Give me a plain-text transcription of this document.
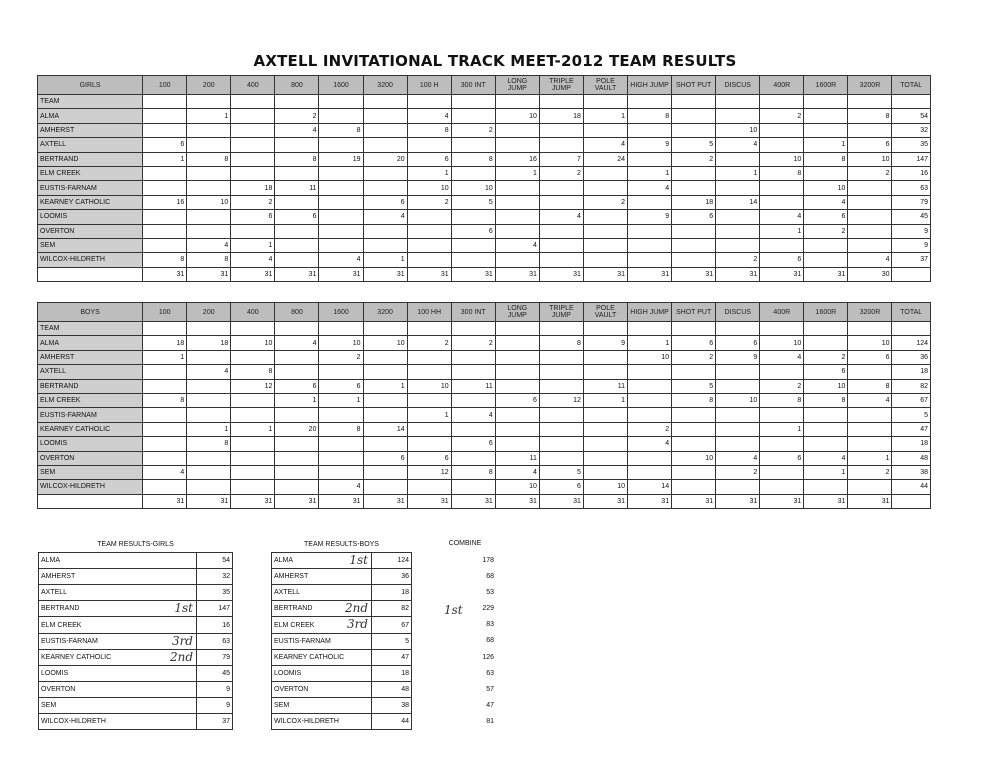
AXTELL INVITATIONAL TRACK MEET-2012 TEAM RESULTS
GIRLS	100	200	400	800	1600	3200	100 H	300 INT	LONG JUMP	TRIPLE JUMP	POLE VAULT	HIGH JUMP	SHOT PUT	DISCUS	400R	1600R	3200R	TOTAL
TEAM																		
ALMA		1		2			4		10	18	1	8			2		8	54
AMHERST				4	8		8	2						10				32
AXTELL	6										4	9	5	4		1	6	35
BERTRAND	1	8		8	19	20	6	8	16	7	24		2		10	8	10	147
ELM CREEK							1		1	2		1		1	8		2	16
EUSTIS-FARNAM			18	11			10	10				4				10		63
KEARNEY CATHOLIC	16	10	2			6	2	5			2		18	14		4		79
LOOMIS			6	6		4				4		9	6		4	6		45
OVERTON								6							1	2		9
SEM		4	1						4									9
WILCOX-HILDRETH	8	8	4		4	1								2	6		4	37
	31	31	31	31	31	31	31	31	31	31	31	31	31	31	31	31	30	
BOYS	100	200	400	800	1600	3200	100 HH	300 INT	LONG JUMP	TRIPLE JUMP	POLE VAULT	HIGH JUMP	SHOT PUT	DISCUS	400R	1600R	3200R	TOTAL
TEAM																		
ALMA	18	18	10	4	10	10	2	2		8	9	1	6	6	10		10	124
AMHERST	1				2							10	2	9	4	2	6	36
AXTELL		4	8													6		18
BERTRAND			12	6	6	1	10	11			11		5		2	10	8	82
ELM CREEK	8			1	1				6	12	1		8	10	8	8	4	67
EUSTIS-FARNAM							1	4										5
KEARNEY CATHOLIC		1	1	20	8	14						2			1			47
LOOMIS		8						6				4						18
OVERTON						6	6		11				10	4	6	4	1	48
SEM	4						12	8	4	5				2		1	2	38
WILCOX-HILDRETH					4				10	6	10	14						44
	31	31	31	31	31	31	31	31	31	31	31	31	31	31	31	31	31	
TEAM RESULTS-GIRLS	
ALMA	54
AMHERST	32
AXTELL	35
BERTRAND 1st	147
ELM CREEK	16
EUSTIS-FARNAM 3rd	63
KEARNEY CATHOLIC 2nd	79
LOOMIS	45
OVERTON	9
SEM	9
WILCOX-HILDRETH	37
TEAM RESULTS-BOYS	
ALMA 1st	124
AMHERST	36
AXTELL	18
BERTRAND 2nd	82
ELM CREEK 3rd	67
EUSTIS-FARNAM	5
KEARNEY CATHOLIC	47
LOOMIS	18
OVERTON	48
SEM	38
WILCOX-HILDRETH	44
COMBINE
178
68
53
1st	229
83
68
126
63
57
47
81
